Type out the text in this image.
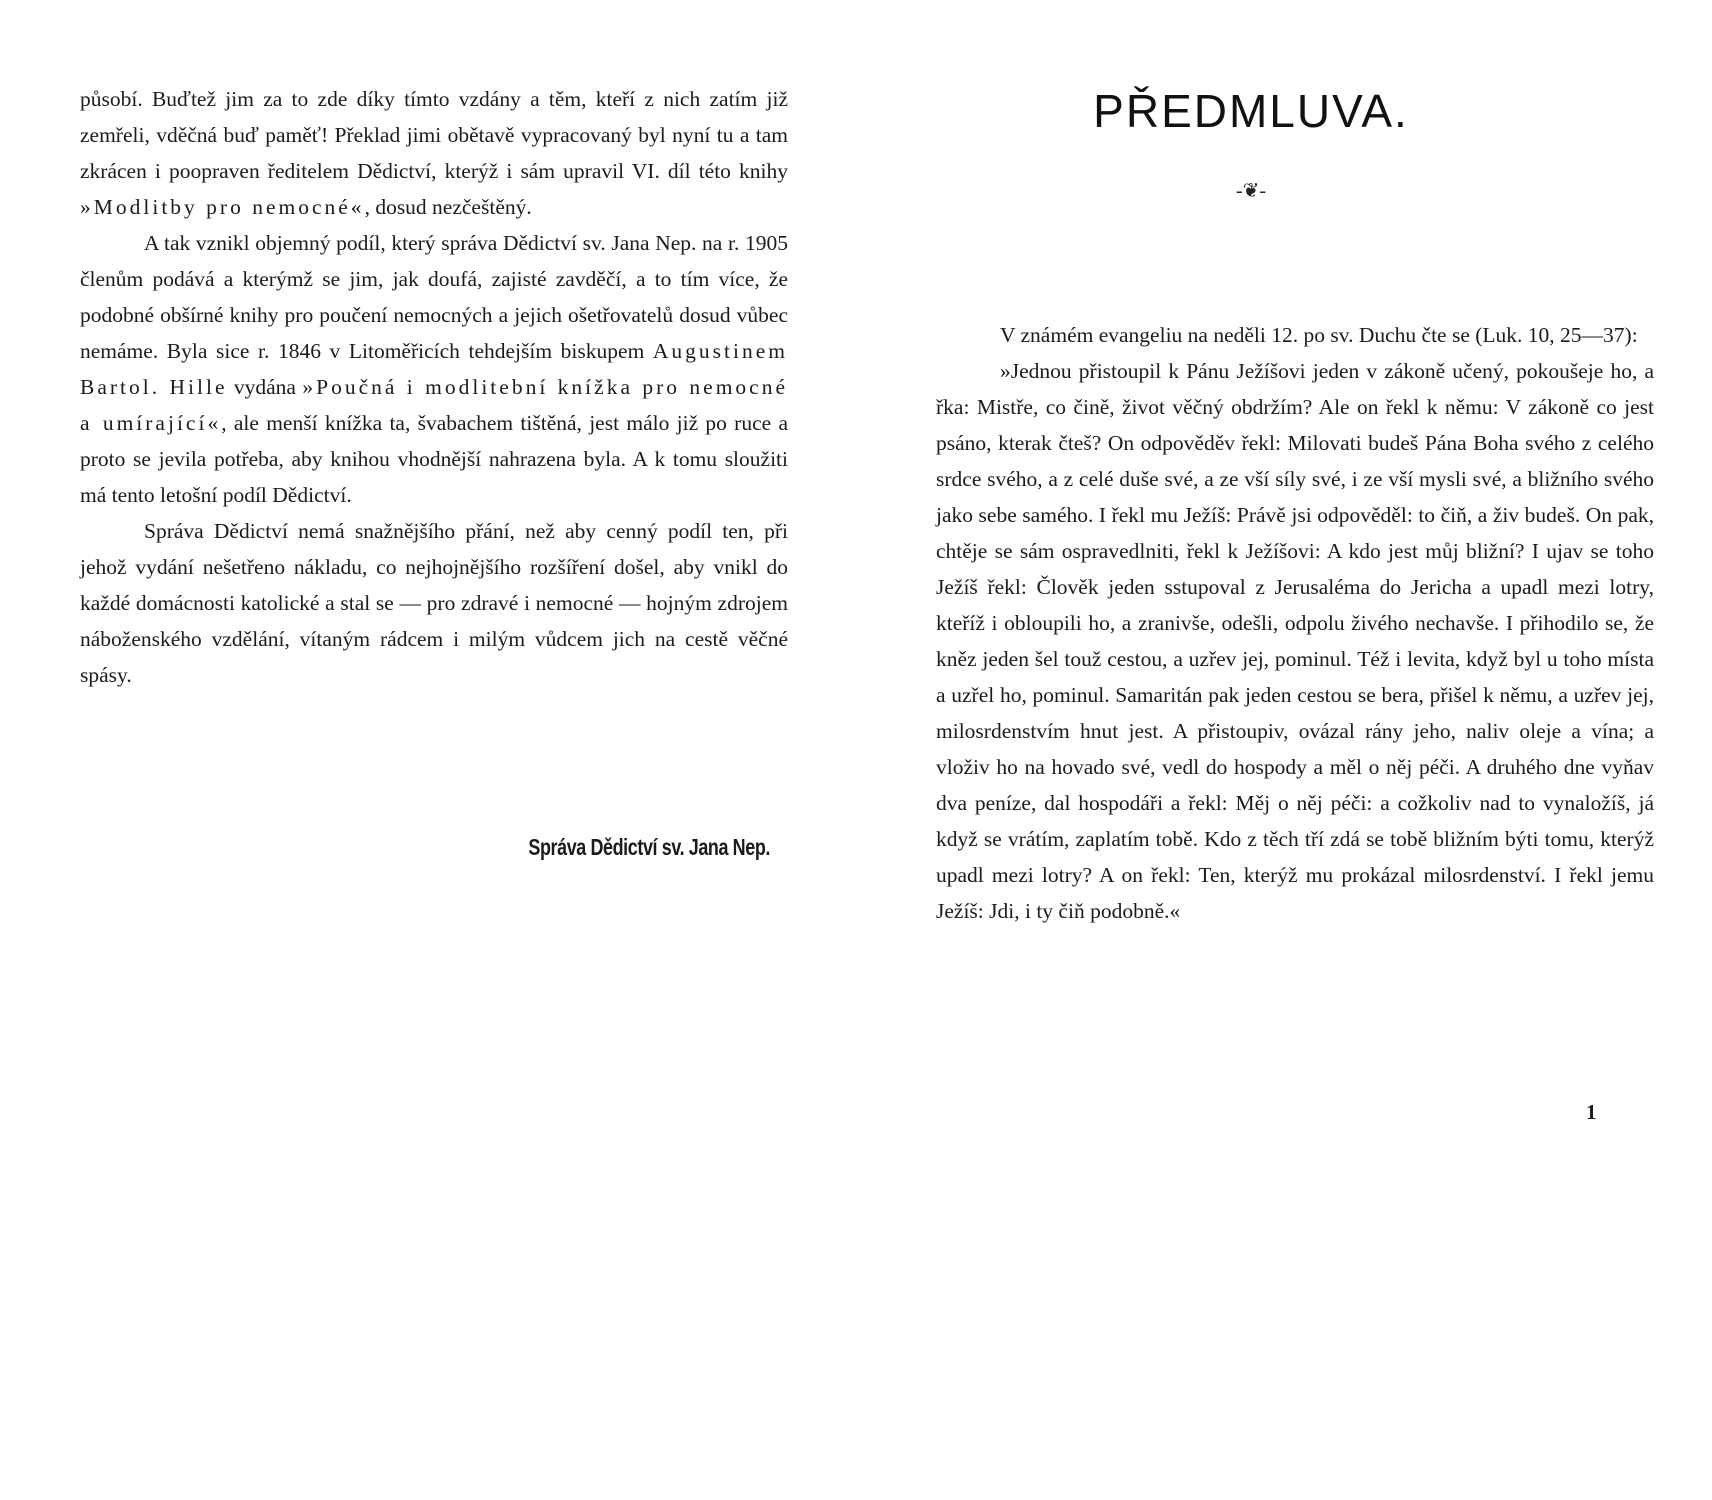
působí. Buďtež jim za to zde díky tímto vzdány a těm, kteří z nich zatím již zemřeli, vděčná buď paměť! Překlad jimi obětavě vypracovaný byl nyní tu a tam zkrácen i poopraven ředitelem Dědictví, kterýž i sám upravil VI. díl této knihy »Modlitby pro nemocné«, dosud nezčeštěný.

A tak vznikl objemný podíl, který správa Dědictví sv. Jana Nep. na r. 1905 členům podává a kterýmž se jim, jak doufá, zajisté zavděčí, a to tím více, že podobné obšírné knihy pro poučení nemocných a jejich ošetřovatelů dosud vůbec nemáme. Byla sice r. 1846 v Litoměřicích tehdejším biskupem Augustinem Bartol. Hille vydána »Poučná i modlitební knížka pro nemocné a umírající«, ale menší knížka ta, švabachem tištěná, jest málo již po ruce a proto se jevila potřeba, aby knihou vhodnější nahrazena byla. A k tomu sloužiti má tento letošní podíl Dědictví.

Správa Dědictví nemá snažnějšího přání, než aby cenný podíl ten, při jehož vydání nešetřeno nákladu, co nejhojnějšího rozšíření došel, aby vnikl do každé domácnosti katolické a stal se — pro zdravé i nemocné — hojným zdrojem náboženského vzdělání, vítaným rádcem i milým vůdcem jich na cestě věčné spásy.

Správa Dědictví sv. Jana Nep.
PŘEDMLUVA.
-❦-

V známém evangeliu na neděli 12. po sv. Duchu čte se (Luk. 10, 25—37):

»Jednou přistoupil k Pánu Ježíšovi jeden v zákoně učený, pokoušeje ho, a řka: Mistře, co čině, život věčný obdržím? Ale on řekl k němu: V zákoně co jest psáno, kterak čteš? On odpověděv řekl: Milovati budeš Pána Boha svého z celého srdce svého, a z celé duše své, a ze vší síly své, i ze vší mysli své, a bližního svého jako sebe samého. I řekl mu Ježíš: Právě jsi odpověděl: to čiň, a živ budeš. On pak, chtěje se sám ospravedlniti, řekl k Ježíšovi: A kdo jest můj bližní? I ujav se toho Ježíš řekl: Člověk jeden sstupoval z Jerusaléma do Jericha a upadl mezi lotry, kteříž i obloupili ho, a zranivše, odešli, odpolu živého nechavše. I přihodilo se, že kněz jeden šel touž cestou, a uzřev jej, pominul. Též i levita, když byl u toho místa a uzřel ho, pominul. Samaritán pak jeden cestou se bera, přišel k němu, a uzřev jej, milosrdenstvím hnut jest. A přistoupiv, ovázal rány jeho, naliv oleje a vína; a vloživ ho na hovado své, vedl do hospody a měl o něj péči. A druhého dne vyňav dva peníze, dal hospodáři a řekl: Měj o něj péči: a cožkoliv nad to vynaložíš, já když se vrátím, zaplatím tobě. Kdo z těch tří zdá se tobě bližním býti tomu, kterýž upadl mezi lotry? A on řekl: Ten, kterýž mu prokázal milosrdenství. I řekl jemu Ježíš: Jdi, i ty čiň podobně.«

1
